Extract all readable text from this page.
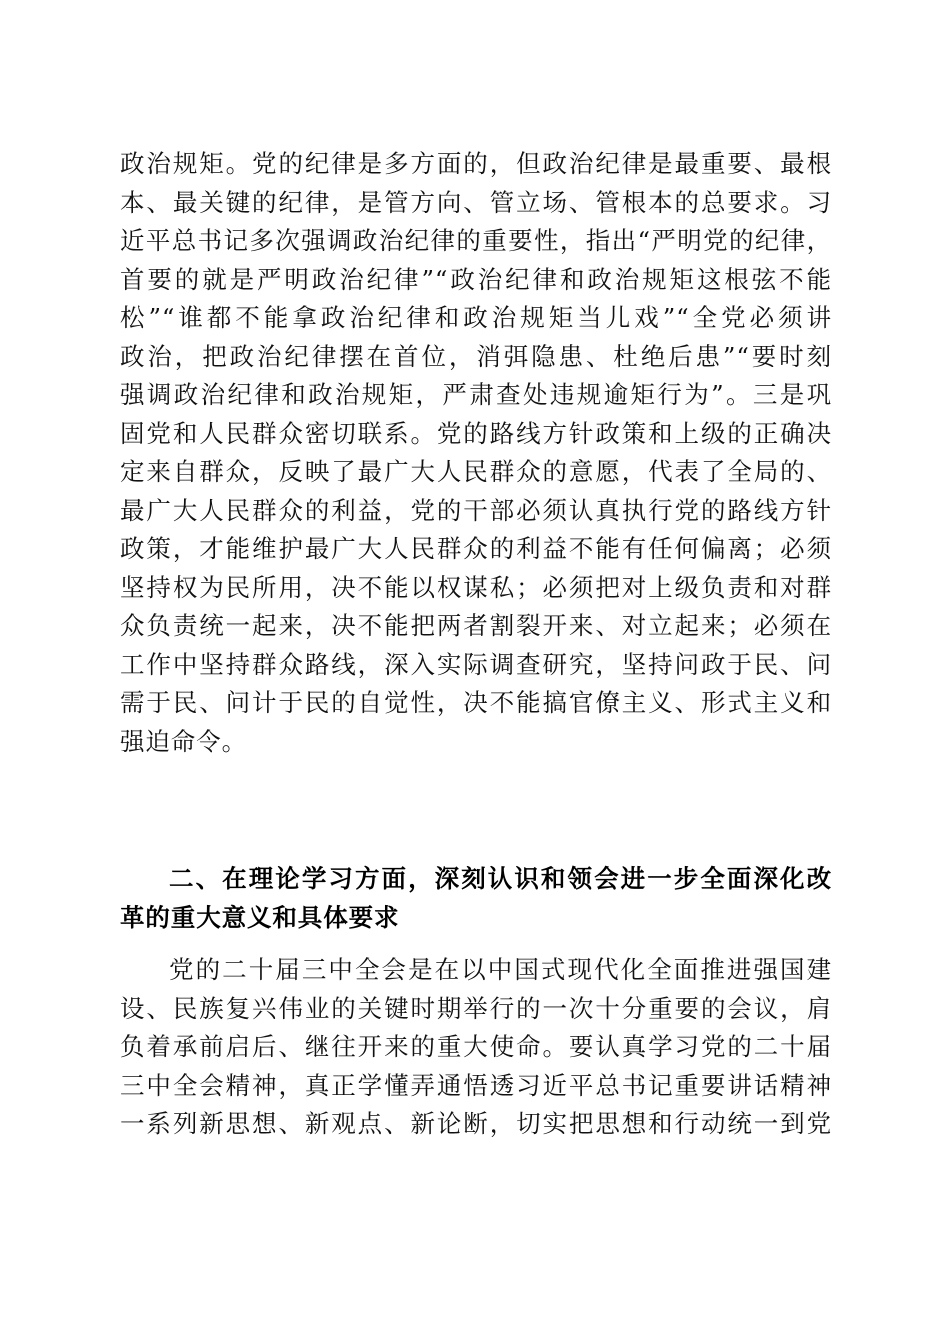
政治规矩。党的纪律是多方面的，但政治纪律是最重要、最根
本、最关键的纪律，是管方向、管立场、管根本的总要求。习
近平总书记多次强调政治纪律的重要性，指出“严明党的纪律，
首要的就是严明政治纪律”“政治纪律和政治规矩这根弦不能
松”“谁都不能拿政治纪律和政治规矩当儿戏”“全党必须讲
政治，把政治纪律摆在首位，消弭隐患、杜绝后患”“要时刻
强调政治纪律和政治规矩，严肃查处违规逾矩行为”。三是巩
固党和人民群众密切联系。党的路线方针政策和上级的正确决
定来自群众，反映了最广大人民群众的意愿，代表了全局的、
最广大人民群众的利益，党的干部必须认真执行党的路线方针
政策，才能维护最广大人民群众的利益不能有任何偏离；必须
坚持权为民所用，决不能以权谋私；必须把对上级负责和对群
众负责统一起来，决不能把两者割裂开来、对立起来；必须在
工作中坚持群众路线，深入实际调查研究，坚持问政于民、问
需于民、问计于民的自觉性，决不能搞官僚主义、形式主义和
强迫命令。
二、在理论学习方面，深刻认识和领会进一步全面深化改
革的重大意义和具体要求
党的二十届三中全会是在以中国式现代化全面推进强国建
设、民族复兴伟业的关键时期举行的一次十分重要的会议，肩
负着承前启后、继往开来的重大使命。要认真学习党的二十届
三中全会精神，真正学懂弄通悟透习近平总书记重要讲话精神
一系列新思想、新观点、新论断，切实把思想和行动统一到党
